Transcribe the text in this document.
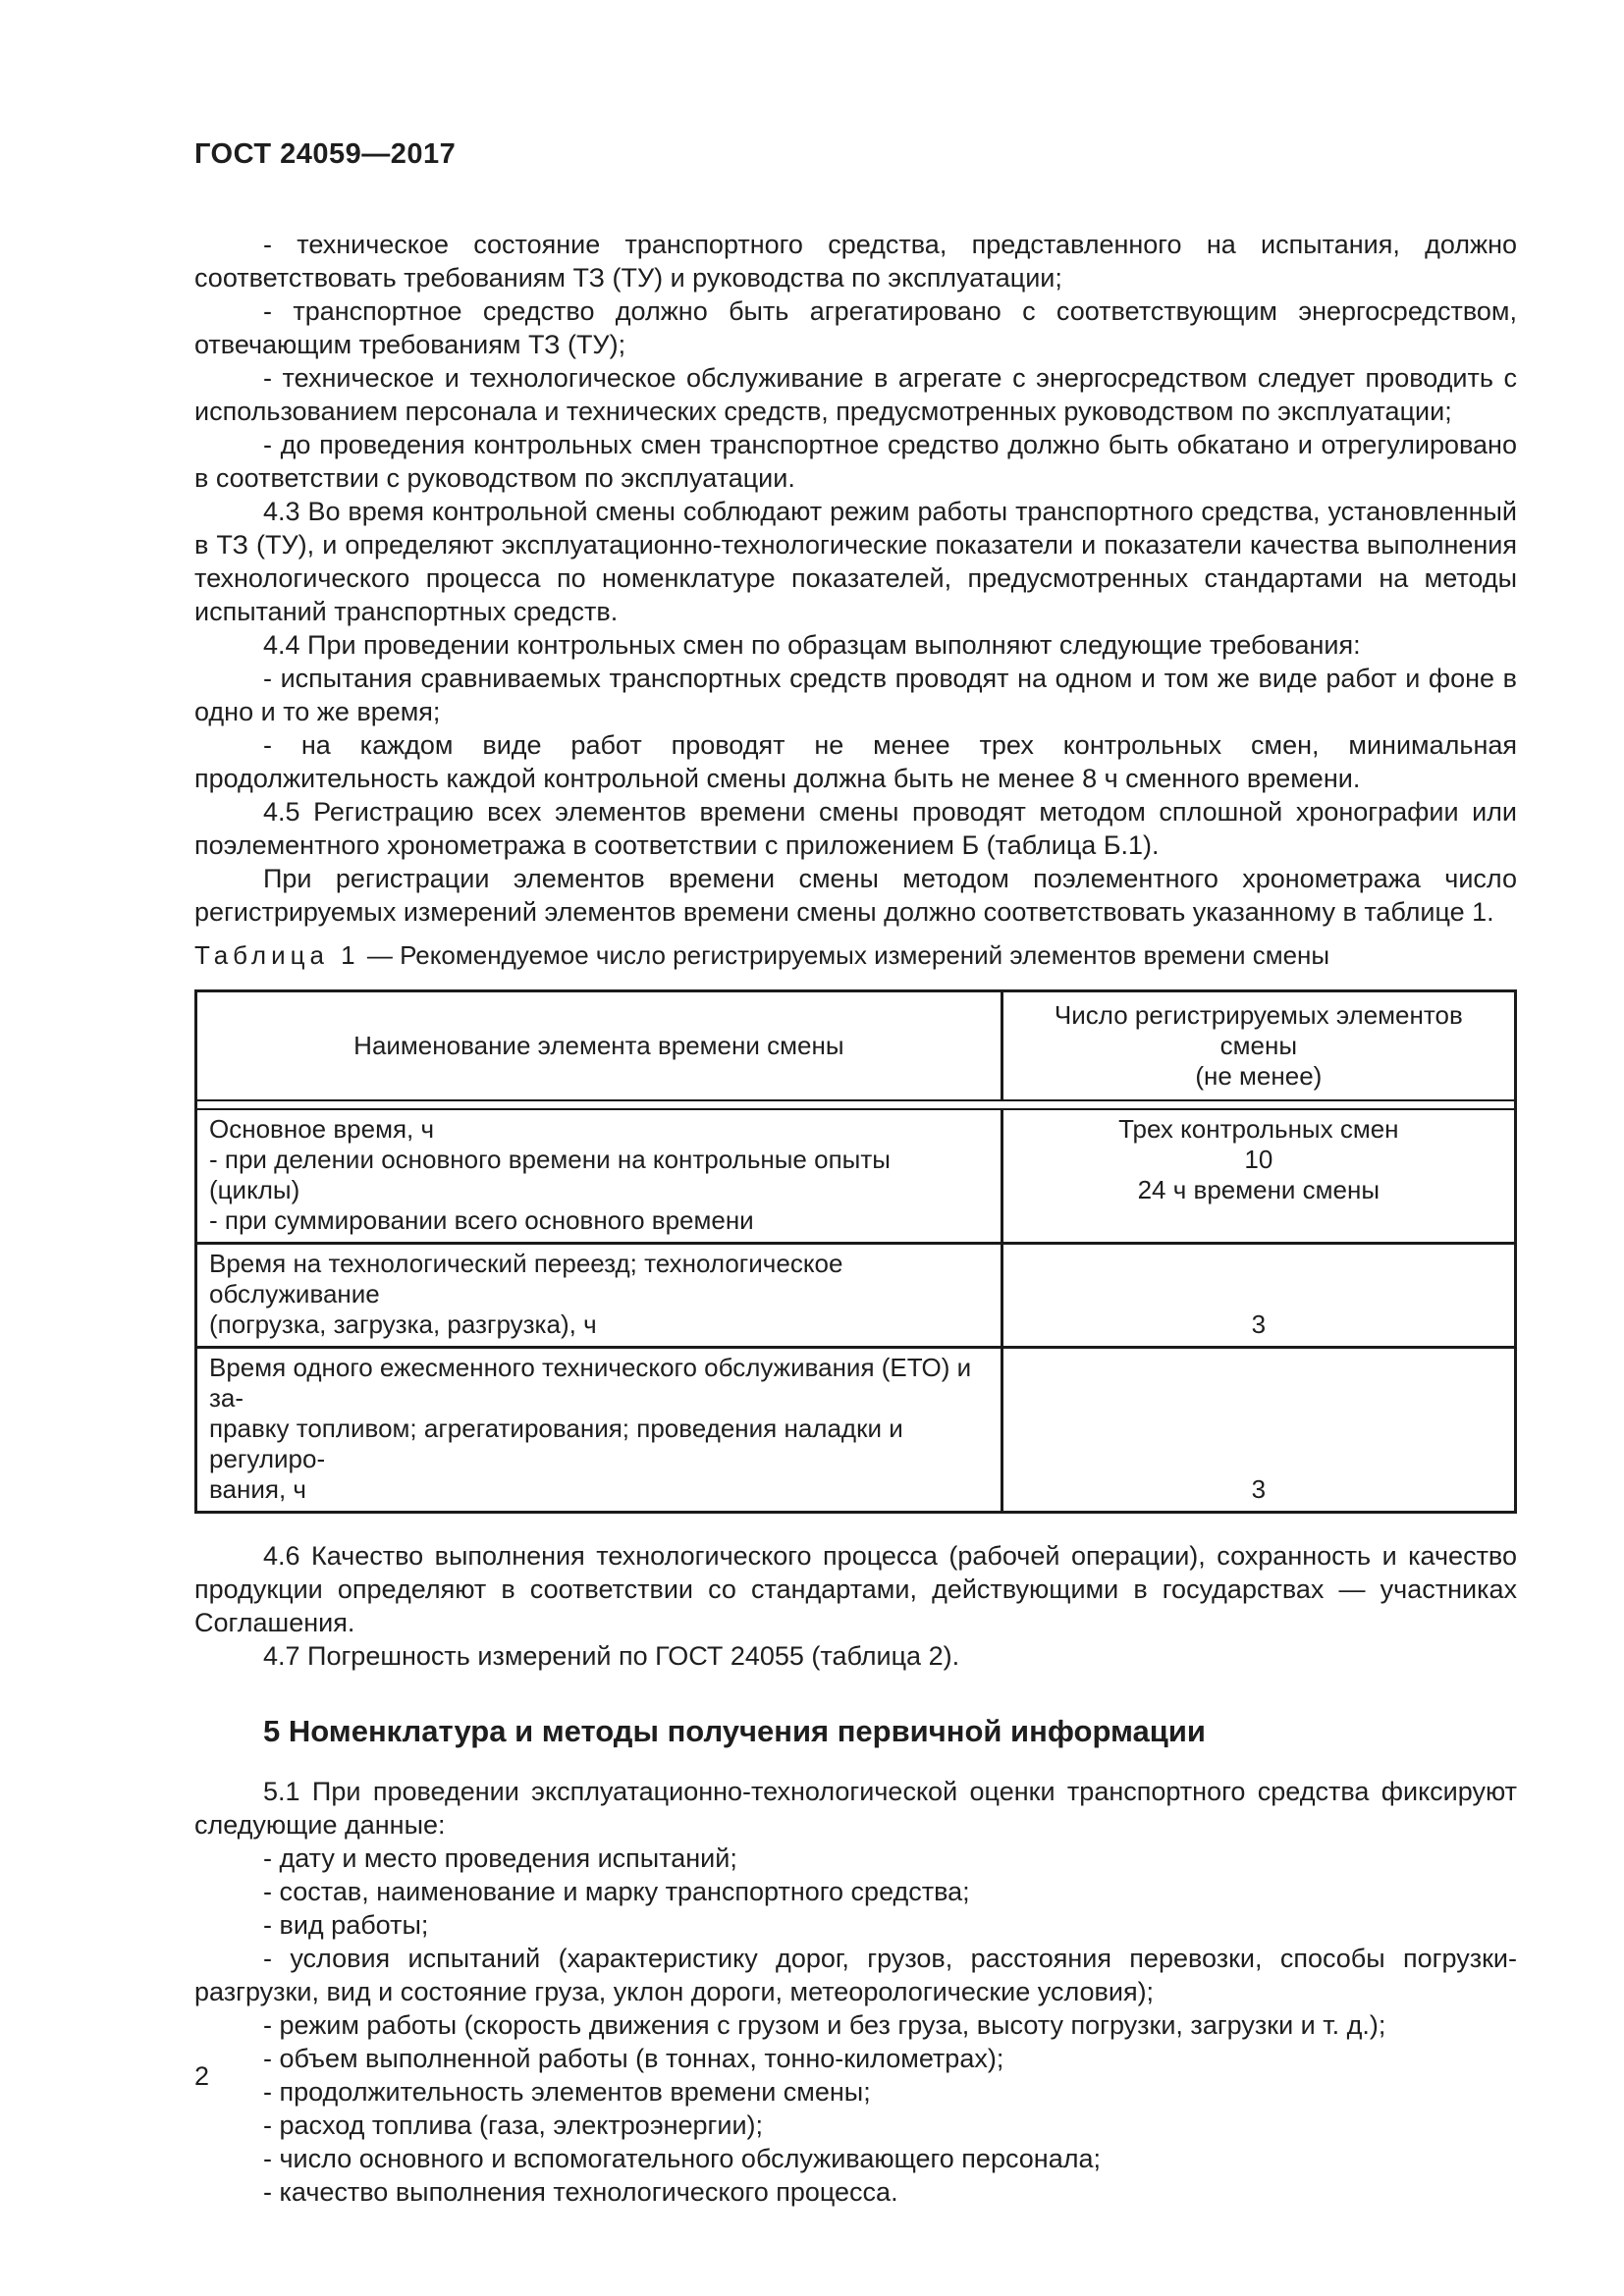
ГОСТ 24059—2017

- техническое состояние транспортного средства, представленного на испытания, должно соответствовать требованиям ТЗ (ТУ) и руководства по эксплуатации;

- транспортное средство должно быть агрегатировано с соответствующим энергосредством, отвечающим требованиям ТЗ (ТУ);

- техническое и технологическое обслуживание в агрегате с энергосредством следует проводить с использованием персонала и технических средств, предусмотренных руководством по эксплуатации;

- до проведения контрольных смен транспортное средство должно быть обкатано и отрегулировано в соответствии с руководством по эксплуатации.

4.3 Во время контрольной смены соблюдают режим работы транспортного средства, установленный в ТЗ (ТУ), и определяют эксплуатационно-технологические показатели и показатели качества выполнения технологического процесса по номенклатуре показателей, предусмотренных стандартами на методы испытаний транспортных средств.

4.4 При проведении контрольных смен по образцам выполняют следующие требования:

- испытания сравниваемых транспортных средств проводят на одном и том же виде работ и фоне в одно и то же время;

- на каждом виде работ проводят не менее трех контрольных смен, минимальная продолжительность каждой контрольной смены должна быть не менее 8 ч сменного времени.

4.5 Регистрацию всех элементов времени смены проводят методом сплошной хронографии или поэлементного хронометража в соответствии с приложением Б (таблица Б.1).

При регистрации элементов времени смены методом поэлементного хронометража число регистрируемых измерений элементов времени смены должно соответствовать указанному в таблице 1.

Таблица 1 — Рекомендуемое число регистрируемых измерений элементов времени смены

Наименование элемента времени смены
Число регистрируемых элементов смены
(не менее)
Основное время, ч
- при делении основного времени на контрольные опыты (циклы)
- при суммировании всего основного времени
Трех контрольных смен
10
24 ч времени смены
Время на технологический переезд; технологическое обслуживание
(погрузка, загрузка, разгрузка), ч	3
Время одного ежесменного технического обслуживания (ЕТО) и за-
правку топливом; агрегатирования; проведения наладки и регулиро-
вания, ч	3

4.6 Качество выполнения технологического процесса (рабочей операции), сохранность и качество продукции определяют в соответствии со стандартами, действующими в государствах — участниках Соглашения.

4.7 Погрешность измерений по ГОСТ 24055 (таблица 2).

5 Номенклатура и методы получения первичной информации

5.1 При проведении эксплуатационно-технологической оценки транспортного средства фиксируют следующие данные:

- дату и место проведения испытаний;

- состав, наименование и марку транспортного средства;

- вид работы;

- условия испытаний (характеристику дорог, грузов, расстояния перевозки, способы погрузки-разгрузки, вид и состояние груза, уклон дороги, метеорологические условия);

- режим работы (скорость движения с грузом и без груза, высоту погрузки, загрузки и т. д.);

- объем выполненной работы (в тоннах, тонно-километрах);

- продолжительность элементов времени смены;

- расход топлива (газа, электроэнергии);

- число основного и вспомогательного обслуживающего персонала;

- качество выполнения технологического процесса.

2
